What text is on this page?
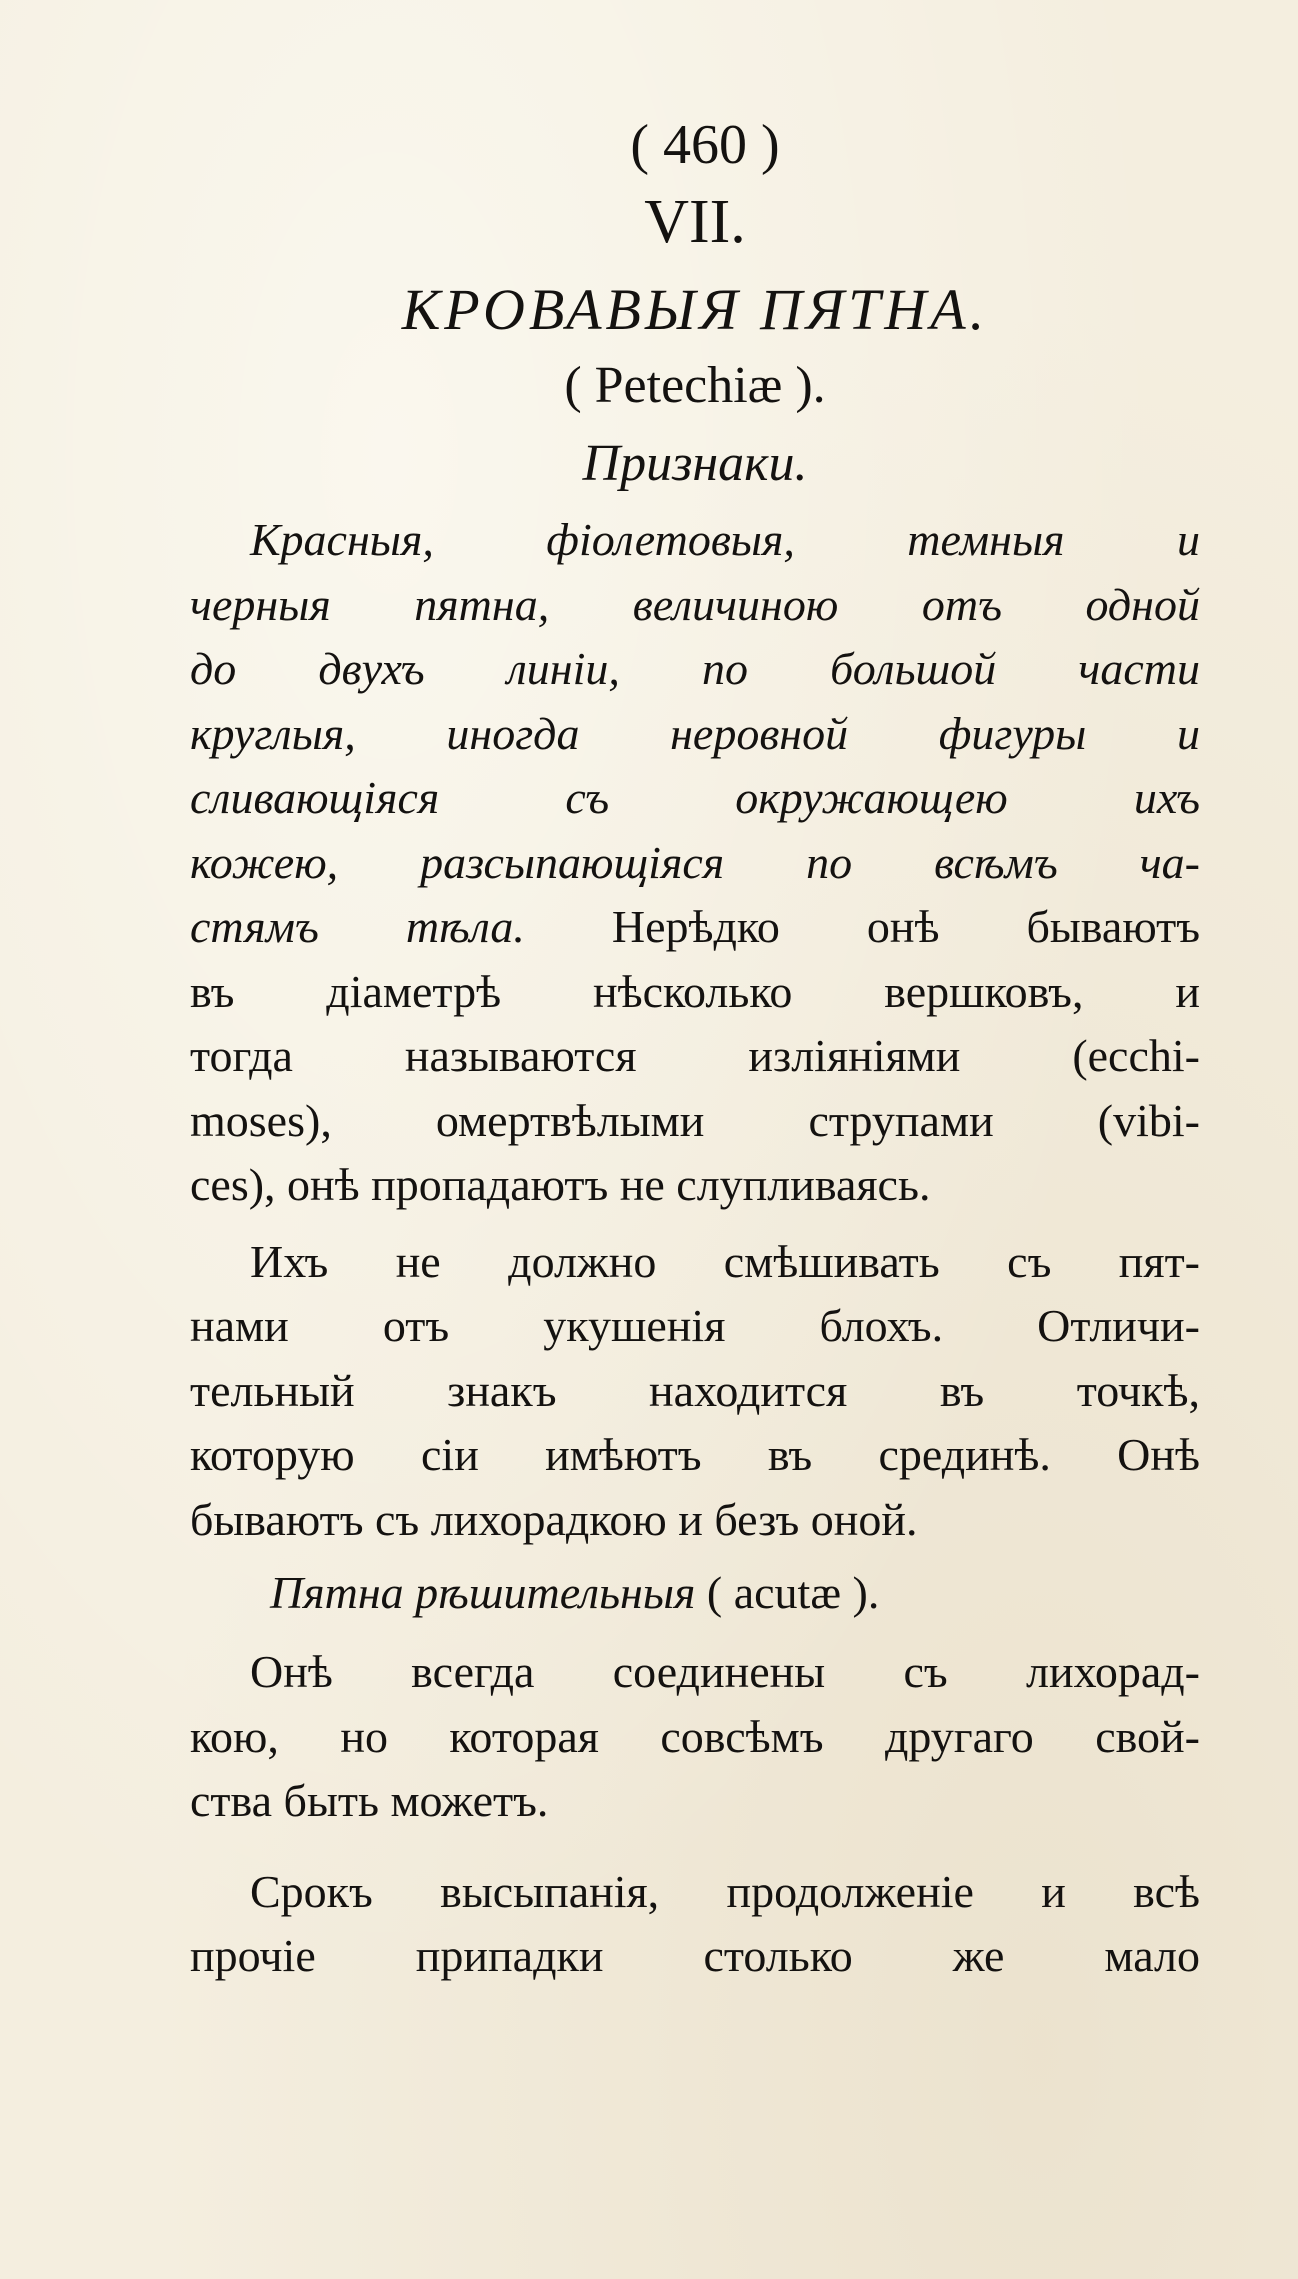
( 460 )
VII.
КРОВАВЫЯ ПЯТНА.
( Petechiæ ).
Признаки.
Красныя, фіолетовыя, темныя и
черныя пятна, величиною отъ одной
до двухъ линіи, по большой части
круглыя, иногда неровной фигуры и
сливающіяся съ окружающею ихъ
кожею, разсыпающіяся по всѣмъ ча-
стямъ тѣла. Нерѣдко онѣ бываютъ
въ діаметрѣ нѣсколько вершковъ, и
тогда называются изліяніями (ecchi-
moses), омертвѣлыми струпами (vibi-
ces), онѣ пропадаютъ не слупливаясь.
Ихъ не должно смѣшивать съ пят-
нами отъ укушенія блохъ. Отличи-
тельный знакъ находится въ точкѣ,
которую сіи имѣютъ въ срединѣ. Онѣ
бываютъ съ лихорадкою и безъ оной.
Пятна рѣшительныя ( acutæ ).
Онѣ всегда соединены съ лихорад-
кою, но которая совсѣмъ другаго свой-
ства быть можетъ.
Срокъ высыпанія, продолженіе и всѣ
прочіе припадки столько же мало
